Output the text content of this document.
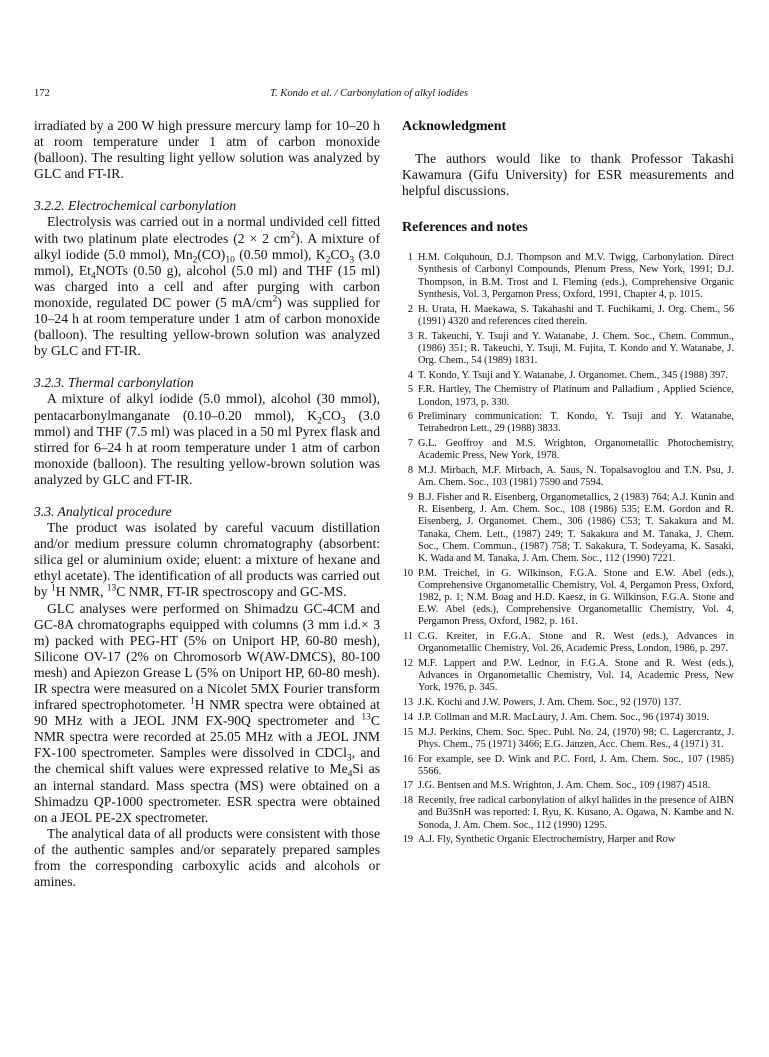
172	T. Kondo et al. / Carbonylation of alkyl iodides

irradiated by a 200 W high pressure mercury lamp for 10–20 h at room temperature under 1 atm of carbon monoxide (balloon). The resulting light yellow solution was analyzed by GLC and FT-IR.

3.2.2. Electrochemical carbonylation

Electrolysis was carried out in a normal undivided cell fitted with two platinum plate electrodes (2 × 2 $cm^2$). A mixture of alkyl iodide (5.0 mmol), $Mn_2(CO)_{10}$ (0.50 mmol), $K_2CO_3$ (3.0 mmol), $Et_4NOTs$ (0.50 g), alcohol (5.0 ml) and THF (15 ml) was charged into a cell and after purging with carbon monoxide, regulated DC power (5 $mA/cm^2$) was supplied for 10–24 h at room temperature under 1 atm of carbon monoxide (balloon). The resulting yellow-brown solution was analyzed by GLC and FT-IR.

3.2.3. Thermal carbonylation

A mixture of alkyl iodide (5.0 mmol), alcohol (30 mmol), pentacarbonylmanganate (0.10–0.20 mmol), $K_2CO_3$ (3.0 mmol) and THF (7.5 ml) was placed in a 50 ml Pyrex flask and stirred for 6–24 h at room temperature under 1 atm of carbon monoxide (balloon). The resulting yellow-brown solution was analyzed by GLC and FT-IR.

3.3. Analytical procedure

The product was isolated by careful vacuum distillation and/or medium pressure column chromatography (absorbent: silica gel or aluminium oxide; eluent: a mixture of hexane and ethyl acetate). The identification of all products was carried out by $^1$H NMR, $^{13}$C NMR, FT-IR spectroscopy and GC-MS.

GLC analyses were performed on Shimadzu GC-4CM and GC-8A chromatographs equipped with columns (3 mm i.d.× 3 m) packed with PEG-HT (5% on Uniport HP, 60-80 mesh), Silicone OV-17 (2% on Chromosorb W(AW-DMCS), 80-100 mesh) and Apiezon Grease L (5% on Uniport HP, 60-80 mesh). IR spectra were measured on a Nicolet 5MX Fourier transform infrared spectrophotometer. $^1$H NMR spectra were obtained at 90 MHz with a JEOL JNM FX-90Q spectrometer and $^{13}$C NMR spectra were recorded at 25.05 MHz with a JEOL JNM FX-100 spectrometer. Samples were dissolved in CDCl$_3$, and the chemical shift values were expressed relative to $Me_4Si$ as an internal standard. Mass spectra (MS) were obtained on a Shimadzu QP-1000 spectrometer. ESR spectra were obtained on a JEOL PE-2X spectrometer.

The analytical data of all products were consistent with those of the authentic samples and/or separately prepared samples from the corresponding carboxylic acids and alcohols or amines.

Acknowledgment

The authors would like to thank Professor Takashi Kawamura (Gifu University) for ESR measurements and helpful discussions.

References and notes
1 H.M. Colquhoun, D.J. Thompson and M.V. Twigg, Carbonylation. Direct Synthesis of Carbonyl Compounds, Plenum Press, New York, 1991; D.J. Thompson, in B.M. Trost and I. Fleming (eds.), Comprehensive Organic Synthesis, Vol. 3, Pergamon Press, Oxford, 1991, Chapter 4, p. 1015.
2 H. Urata, H. Maekawa, S. Takahashi and T. Fuchikami, J. Org. Chem., 56 (1991) 4320 and references cited therein.
3 R. Takeuchi, Y. Tsuji and Y. Watanabe, J. Chem. Soc., Chem. Commun., (1986) 351; R. Takeuchi, Y. Tsuji, M. Fujita, T. Kondo and Y. Watanabe, J. Org. Chem., 54 (1989) 1831.
4 T. Kondo, Y. Tsuji and Y. Watanabe, J. Organomet. Chem., 345 (1988) 397.
5 F.R. Hartley, The Chemistry of Platinum and Palladium , Applied Science, London, 1973, p. 330.
6 Preliminary communication: T. Kondo, Y. Tsuji and Y. Watanabe, Tetrahedron Lett., 29 (1988) 3833.
7 G.L. Geoffroy and M.S. Wrighton, Organometallic Photochemistry, Academic Press, New York, 1978.
8 M.J. Mirbach, M.F. Mirbach, A. Saus, N. Topalsavoglou and T.N. Psu, J. Am. Chem. Soc., 103 (1981) 7590 and 7594.
9 B.J. Fisher and R. Eisenberg, Organometallics, 2 (1983) 764; A.J. Kunin and R. Eisenberg, J. Am. Chem. Soc., 108 (1986) 535; E.M. Gordon and R. Eisenberg, J. Organomet. Chem., 306 (1986) C53; T. Sakakura and M. Tanaka, Chem. Lett., (1987) 249; T. Sakakura and M. Tanaka, J. Chem. Soc., Chem. Commun., (1987) 758; T. Sakakura, T. Sodeyama, K. Sasaki, K. Wada and M. Tanaka, J. Am. Chem. Soc., 112 (1990) 7221.
10 P.M. Treichel, in G. Wilkinson, F.G.A. Stone and E.W. Abel (eds.), Comprehensive Organometallic Chemistry, Vol. 4, Pergamon Press, Oxford, 1982, p. 1; N.M. Boag and H.D. Kaesz, in G. Wilkinson, F.G.A. Stone and E.W. Abel (eds.), Comprehensive Organometallic Chemistry, Vol. 4, Pergamon Press, Oxford, 1982, p. 161.
11 C.G. Kreiter, in F.G.A. Stone and R. West (eds.), Advances in Organometallic Chemistry, Vol. 26, Academic Press, London, 1986, p. 297.
12 M.F. Lappert and P.W. Lednor, in F.G.A. Stone and R. West (eds.), Advances in Organometallic Chemistry, Vol. 14, Academic Press, New York, 1976, p. 345.
13 J.K. Kochi and J.W. Powers, J. Am. Chem. Soc., 92 (1970) 137.
14 J.P. Collman and M.R. MacLaury, J. Am. Chem. Soc., 96 (1974) 3019.
15 M.J. Perkins, Chem. Soc. Spec. Publ. No. 24, (1970) 98; C. Lagercrantz, J. Phys. Chem., 75 (1971) 3466; E.G. Janzen, Acc. Chem. Res., 4 (1971) 31.
16 For example, see D. Wink and P.C. Ford, J. Am. Chem. Soc., 107 (1985) 5566.
17 J.G. Bentsen and M.S. Wrighton, J. Am. Chem. Soc., 109 (1987) 4518.
18 Recently, free radical carbonylation of alkyl halides in the presence of AIBN and Bu3SnH was reported: I. Ryu, K. Kusano, A. Ogawa, N. Kambe and N. Sonoda, J. Am. Chem. Soc., 112 (1990) 1295.
19 A.J. Fly, Synthetic Organic Electrochemistry, Harper and Row
